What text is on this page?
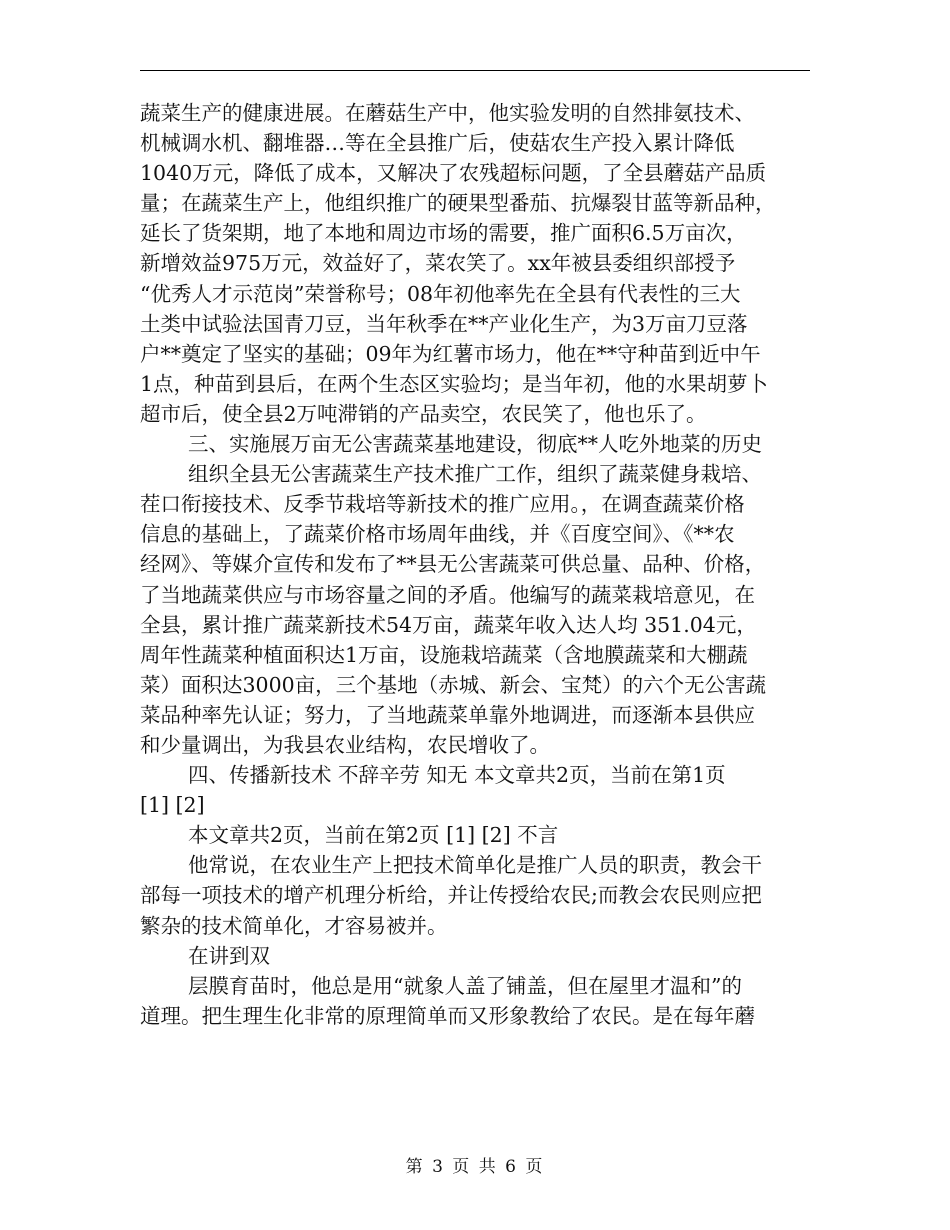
蔬菜生产的健康进展。在蘑菇生产中，他实验发明的自然排氨技术、
机械调水机、翻堆器…等在全县推广后，使菇农生产投入累计降低
1040万元，降低了成本，又解决了农残超标问题，了全县蘑菇产品质
量；在蔬菜生产上，他组织推广的硬果型番茄、抗爆裂甘蓝等新品种，
延长了货架期，地了本地和周边市场的需要，推广面积6.5万亩次，
新增效益975万元，效益好了，菜农笑了。xx年被县委组织部授予
“优秀人才示范岗”荣誉称号；08年初他率先在全县有代表性的三大
土类中试验法国青刀豆，当年秋季在**产业化生产，为3万亩刀豆落
户**奠定了坚实的基础；09年为红薯市场力，他在**守种苗到近中午
1点，种苗到县后，在两个生态区实验均；是当年初，他的水果胡萝卜
超市后，使全县2万吨滞销的产品卖空，农民笑了，他也乐了。
三、实施展万亩无公害蔬菜基地建设，彻底**人吃外地菜的历史
组织全县无公害蔬菜生产技术推广工作，组织了蔬菜健身栽培、
茬口衔接技术、反季节栽培等新技术的推广应用。，在调查蔬菜价格
信息的基础上，了蔬菜价格市场周年曲线，并《百度空间》、《**农
经网》、等媒介宣传和发布了**县无公害蔬菜可供总量、品种、价格，
了当地蔬菜供应与市场容量之间的矛盾。他编写的蔬菜栽培意见，在
全县，累计推广蔬菜新技术54万亩，蔬菜年收入达人均 351.04元，
周年性蔬菜种植面积达1万亩，设施栽培蔬菜（含地膜蔬菜和大棚蔬
菜）面积达3000亩，三个基地（赤城、新会、宝梵）的六个无公害蔬
菜品种率先认证；努力，了当地蔬菜单靠外地调进，而逐渐本县供应
和少量调出，为我县农业结构，农民增收了。
四、传播新技术 不辞辛劳 知无 本文章共2页，当前在第1页
[1] [2]
本文章共2页，当前在第2页 [1] [2] 不言
他常说，在农业生产上把技术简单化是推广人员的职责，教会干
部每一项技术的增产机理分析给，并让传授给农民;而教会农民则应把
繁杂的技术简单化，才容易被并。
在讲到双
层膜育苗时，他总是用“就象人盖了铺盖，但在屋里才温和”的
道理。把生理生化非常的原理简单而又形象教给了农民。是在每年蘑
第 3 页 共 6 页
